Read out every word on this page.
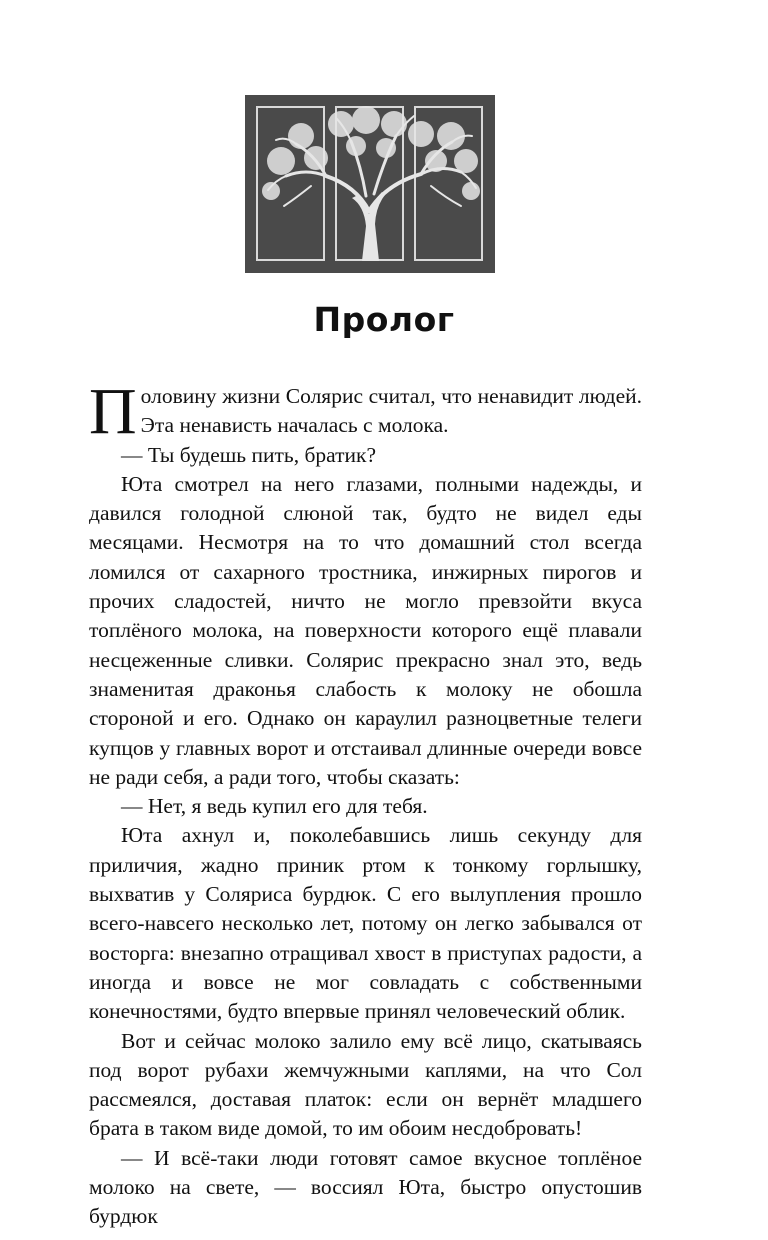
Пролог

Половину жизни Солярис считал, что ненавидит людей. Эта ненависть началась с молока.

— Ты будешь пить, братик?

Юта смотрел на него глазами, полными надежды, и давился голодной слюной так, будто не видел еды месяцами. Несмотря на то что домашний стол всегда ломился от сахарного тростника, инжирных пирогов и прочих сладостей, ничто не могло превзойти вкуса топлёного молока, на поверхности которого ещё плавали несцеженные сливки. Солярис прекрасно знал это, ведь знаменитая драконья слабость к молоку не обошла стороной и его. Однако он караулил разноцветные телеги купцов у главных ворот и отстаивал длинные очереди вовсе не ради себя, а ради того, чтобы сказать:

— Нет, я ведь купил его для тебя.

Юта ахнул и, поколебавшись лишь секунду для приличия, жадно приник ртом к тонкому горлышку, выхватив у Соляриса бурдюк. С его вылупления прошло всего-навсего несколько лет, потому он легко забывался от восторга: внезапно отращивал хвост в приступах радости, а иногда и вовсе не мог совладать с собственными конечностями, будто впервые принял человеческий облик.

Вот и сейчас молоко залило ему всё лицо, скатываясь под ворот рубахи жемчужными каплями, на что Сол рассмеялся, доставая платок: если он вернёт младшего брата в таком виде домой, то им обоим несдобровать!

— И всё-таки люди готовят самое вкусное топлёное молоко на свете, — воссиял Юта, быстро опустошив бурдюк
